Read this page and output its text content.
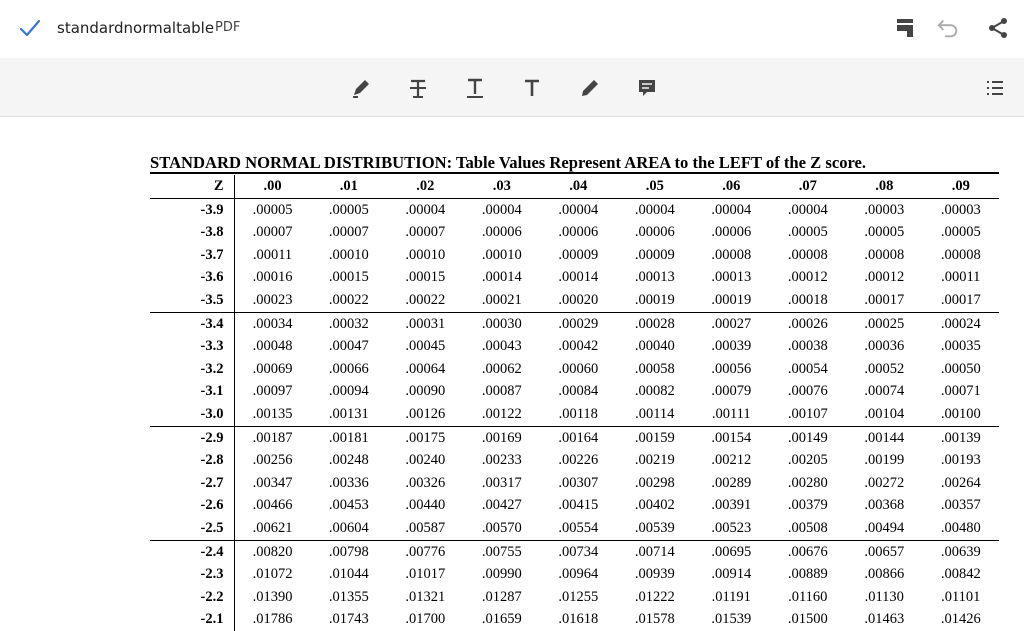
standardnormaltable PDF
STANDARD NORMAL DISTRIBUTION: Table Values Represent AREA to the LEFT of the Z score.
Z	.00	.01	.02	.03	.04	.05	.06	.07	.08	.09
-3.9	.00005	.00005	.00004	.00004	.00004	.00004	.00004	.00004	.00003	.00003
-3.8	.00007	.00007	.00007	.00006	.00006	.00006	.00006	.00005	.00005	.00005
-3.7	.00011	.00010	.00010	.00010	.00009	.00009	.00008	.00008	.00008	.00008
-3.6	.00016	.00015	.00015	.00014	.00014	.00013	.00013	.00012	.00012	.00011
-3.5	.00023	.00022	.00022	.00021	.00020	.00019	.00019	.00018	.00017	.00017
-3.4	.00034	.00032	.00031	.00030	.00029	.00028	.00027	.00026	.00025	.00024
-3.3	.00048	.00047	.00045	.00043	.00042	.00040	.00039	.00038	.00036	.00035
-3.2	.00069	.00066	.00064	.00062	.00060	.00058	.00056	.00054	.00052	.00050
-3.1	.00097	.00094	.00090	.00087	.00084	.00082	.00079	.00076	.00074	.00071
-3.0	.00135	.00131	.00126	.00122	.00118	.00114	.00111	.00107	.00104	.00100
-2.9	.00187	.00181	.00175	.00169	.00164	.00159	.00154	.00149	.00144	.00139
-2.8	.00256	.00248	.00240	.00233	.00226	.00219	.00212	.00205	.00199	.00193
-2.7	.00347	.00336	.00326	.00317	.00307	.00298	.00289	.00280	.00272	.00264
-2.6	.00466	.00453	.00440	.00427	.00415	.00402	.00391	.00379	.00368	.00357
-2.5	.00621	.00604	.00587	.00570	.00554	.00539	.00523	.00508	.00494	.00480
-2.4	.00820	.00798	.00776	.00755	.00734	.00714	.00695	.00676	.00657	.00639
-2.3	.01072	.01044	.01017	.00990	.00964	.00939	.00914	.00889	.00866	.00842
-2.2	.01390	.01355	.01321	.01287	.01255	.01222	.01191	.01160	.01130	.01101
-2.1	.01786	.01743	.01700	.01659	.01618	.01578	.01539	.01500	.01463	.01426
